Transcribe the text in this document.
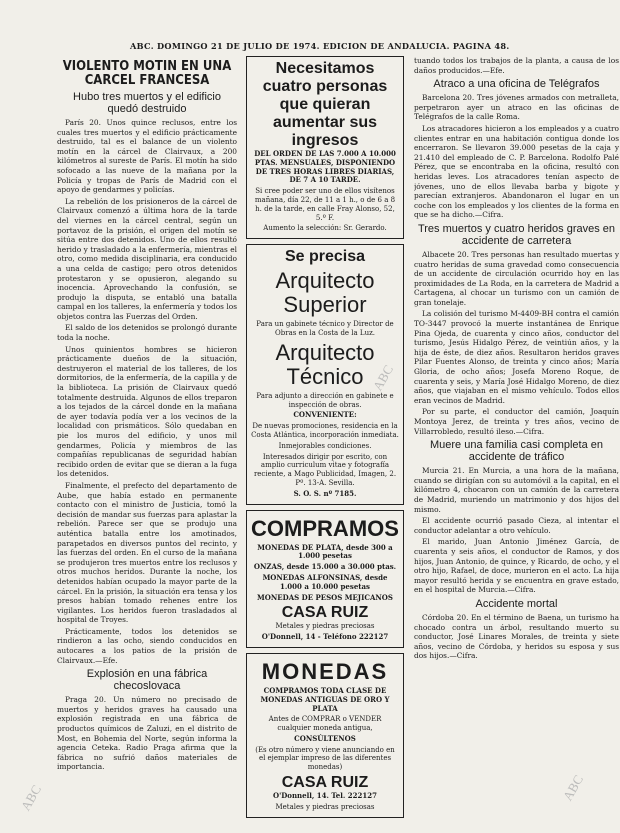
ABC. DOMINGO 21 DE JULIO DE 1974. EDICION DE ANDALUCIA. PAGINA 48.
VIOLENTO MOTIN EN UNA CARCEL FRANCESA
Hubo tres muertos y el edificio quedó destruido

París 20. Unos quince reclusos, entre los cuales tres muertos y el edificio prácticamente destruido, tal es el balance de un violento motín en la cárcel de Clairvaux, a 200 kilómetros al sureste de París. El motín ha sido sofocado a las nueve de la mañana por la Policía y tropas de París de Madrid con el apoyo de gendarmes y policías.

La rebelión de los prisioneros de la cárcel de Clairvaux comenzó a última hora de la tarde del viernes en la cárcel central, según un portavoz de la prisión, el origen del motín se sitúa entre dos detenidos. Uno de ellos resultó herido y trasladado a la enfermería, mientras el otro, como medida disciplinaria, era conducido a una celda de castigo; pero otros detenidos protestaron y se opusieron, alegando su inocencia. Aprovechando la confusión, se produjo la disputa, se entabló una batalla campal en los talleres, la enfermería y todos los objetos contra las Fuerzas del Orden.

El saldo de los detenidos se prolongó durante toda la noche.

Unos quinientos hombres se hicieron prácticamente dueños de la situación, destruyeron el material de los talleres, de los dormitorios, de la enfermería, de la capilla y de la biblioteca. La prisión de Clairvaux quedó totalmente destruida. Algunos de ellos treparon a los tejados de la cárcel donde en la mañana de ayer todavía podía ver a los vecinos de la localidad con prismáticos. Sólo quedaban en pie los muros del edificio, y unos mil gendarmes, Policía y miembros de las compañías republicanas de seguridad habían recibido orden de evitar que se dieran a la fuga los detenidos.

Finalmente, el prefecto del departamento de Aube, que había estado en permanente contacto con el ministro de Justicia, tomó la decisión de mandar sus fuerzas para aplastar la rebelión. Parece ser que se produjo una auténtica batalla entre los amotinados, parapetados en diversos puntos del recinto, y las fuerzas del orden. En el curso de la mañana se produjeron tres muertos entre los reclusos y otros muchos heridos. Durante la noche, los detenidos habían ocupado la mayor parte de la cárcel. En la prisión, la situación era tensa y los presos habían tomado rehenes entre los vigilantes. Los heridos fueron trasladados al hospital de Troyes.

Prácticamente, todos los detenidos se rindieron a las ocho, siendo conducidos en autocares a los patios de la prisión de Clairvaux.—Efe.

Explosión en una fábrica checoslovaca

Praga 20. Un número no precisado de muertos y heridos graves ha causado una explosión registrada en una fábrica de productos químicos de Zaluzi, en el distrito de Most, en Bohemia del Norte, según informa la agencia Ceteka. Radio Praga afirma que la fábrica no sufrió daños materiales de importancia.

Necesitamos cuatro personas que quieran aumentar sus ingresos

DEL ORDEN DE LAS 7.000 A 10.000 PTAS. MENSUALES, DISPONIENDO DE TRES HORAS LIBRES DIARIAS, DE 7 A 10 TARDE.

Si cree poder ser uno de ellos visítenos mañana, día 22, de 11 a 1 h., o de 6 a 8 h. de la tarde, en calle Fray Alonso, 52, 5.º F.

Aumento la selección: Sr. Gerardo.

Se precisa
Arquitecto Superior

Para un gabinete técnico y Director de Obras en la Costa de la Luz.

Arquitecto Técnico

Para adjunto a dirección en gabinete e inspección de obras.

CONVENIENTE:

De nuevas promociones, residencia en la Costa Atlántica, incorporación inmediata.

Inmejorables condiciones.

Interesados dirigir por escrito, con amplio curriculum vitae y fotografía reciente, a Mago Publicidad, Imagen, 2. Pº. 13-A. Sevilla.

S. O. S. nº 7185.

COMPRAMOS

MONEDAS DE PLATA, desde 300 a 1.000 pesetas

ONZAS, desde 15.000 a 30.000 ptas.

MONEDAS ALFONSINAS, desde 1.000 a 10.000 pesetas

MONEDAS DE PESOS MEJICANOS

CASA RUIZ

Metales y piedras preciosas

O'Donnell, 14 - Teléfono 222127

MONEDAS

COMPRAMOS TODA CLASE DE MONEDAS ANTIGUAS DE ORO Y PLATA

Antes de COMPRAR o VENDER cualquier moneda antigua,

CONSÚLTENOS

(Es otro número y viene anunciando en el ejemplar impreso de las diferentes monedas)

CASA RUIZ

O'Donnell, 14. Tel. 222127

Metales y piedras preciosas

tuando todos los trabajos de la planta, a causa de los daños producidos.—Efe.

Atraco a una oficina de Telégrafos

Barcelona 20. Tres jóvenes armados con metralleta, perpetraron ayer un atraco en las oficinas de Telégrafos de la calle Roma.

Los atracadores hicieron a los empleados y a cuatro clientes entrar en una habitación contigua donde los encerraron. Se llevaron 39.000 pesetas de la caja y 21.410 del empleado de C. P. Barcelona. Rodolfo Palé Pérez, que se encontraba en la oficina, resultó con heridas leves. Los atracadores tenían aspecto de jóvenes, uno de ellos llevaba barba y bigote y parecían extranjeros. Abandonaron el lugar en un coche con los empleados y los clientes de la forma en que se ha dicho.—Cifra.

Tres muertos y cuatro heridos graves en accidente de carretera

Albacete 20. Tres personas han resultado muertas y cuatro heridas de suma gravedad como consecuencia de un accidente de circulación ocurrido hoy en las proximidades de La Roda, en la carretera de Madrid a Cartagena, al chocar un turismo con un camión de gran tonelaje.

La colisión del turismo M-4409-BH contra el camión TO-3447 provocó la muerte instantánea de Enrique Pina Ojeda, de cuarenta y cinco años, conductor del turismo, Jesús Hidalgo Pérez, de veintiún años, y la hija de éste, de diez años. Resultaron heridos graves Pilar Fuentes Alonso, de treinta y cinco años; María Gloria, de ocho años; Josefa Moreno Roque, de cuarenta y seis, y María José Hidalgo Moreno, de diez años, que viajaban en el mismo vehículo. Todos ellos eran vecinos de Madrid.

Por su parte, el conductor del camión, Joaquín Montoya Jerez, de treinta y tres años, vecino de Villarrobledo, resultó ileso.—Cifra.

Muere una familia casi completa en accidente de tráfico

Murcia 21. En Murcia, a una hora de la mañana, cuando se dirigían con su automóvil a la capital, en el kilómetro 4, chocaron con un camión de la carretera de Madrid, muriendo un matrimonio y dos hijos del mismo.

El accidente ocurrió pasado Cieza, al intentar el conductor adelantar a otro vehículo.

El marido, Juan Antonio Jiménez García, de cuarenta y seis años, el conductor de Ramos, y dos hijos, Juan Antonio, de quince, y Ricardo, de ocho, y el otro hijo, Rafael, de doce, murieron en el acto. La hija mayor resultó herida y se encuentra en grave estado, en el hospital de Murcia.—Cifra.

Accidente mortal

Córdoba 20. En el término de Baena, un turismo ha chocado contra un árbol, resultando muerto su conductor, José Linares Morales, de treinta y siete años, vecino de Córdoba, y heridos su esposa y sus dos hijos.—Cifra.

ABC
ABC
ABC
